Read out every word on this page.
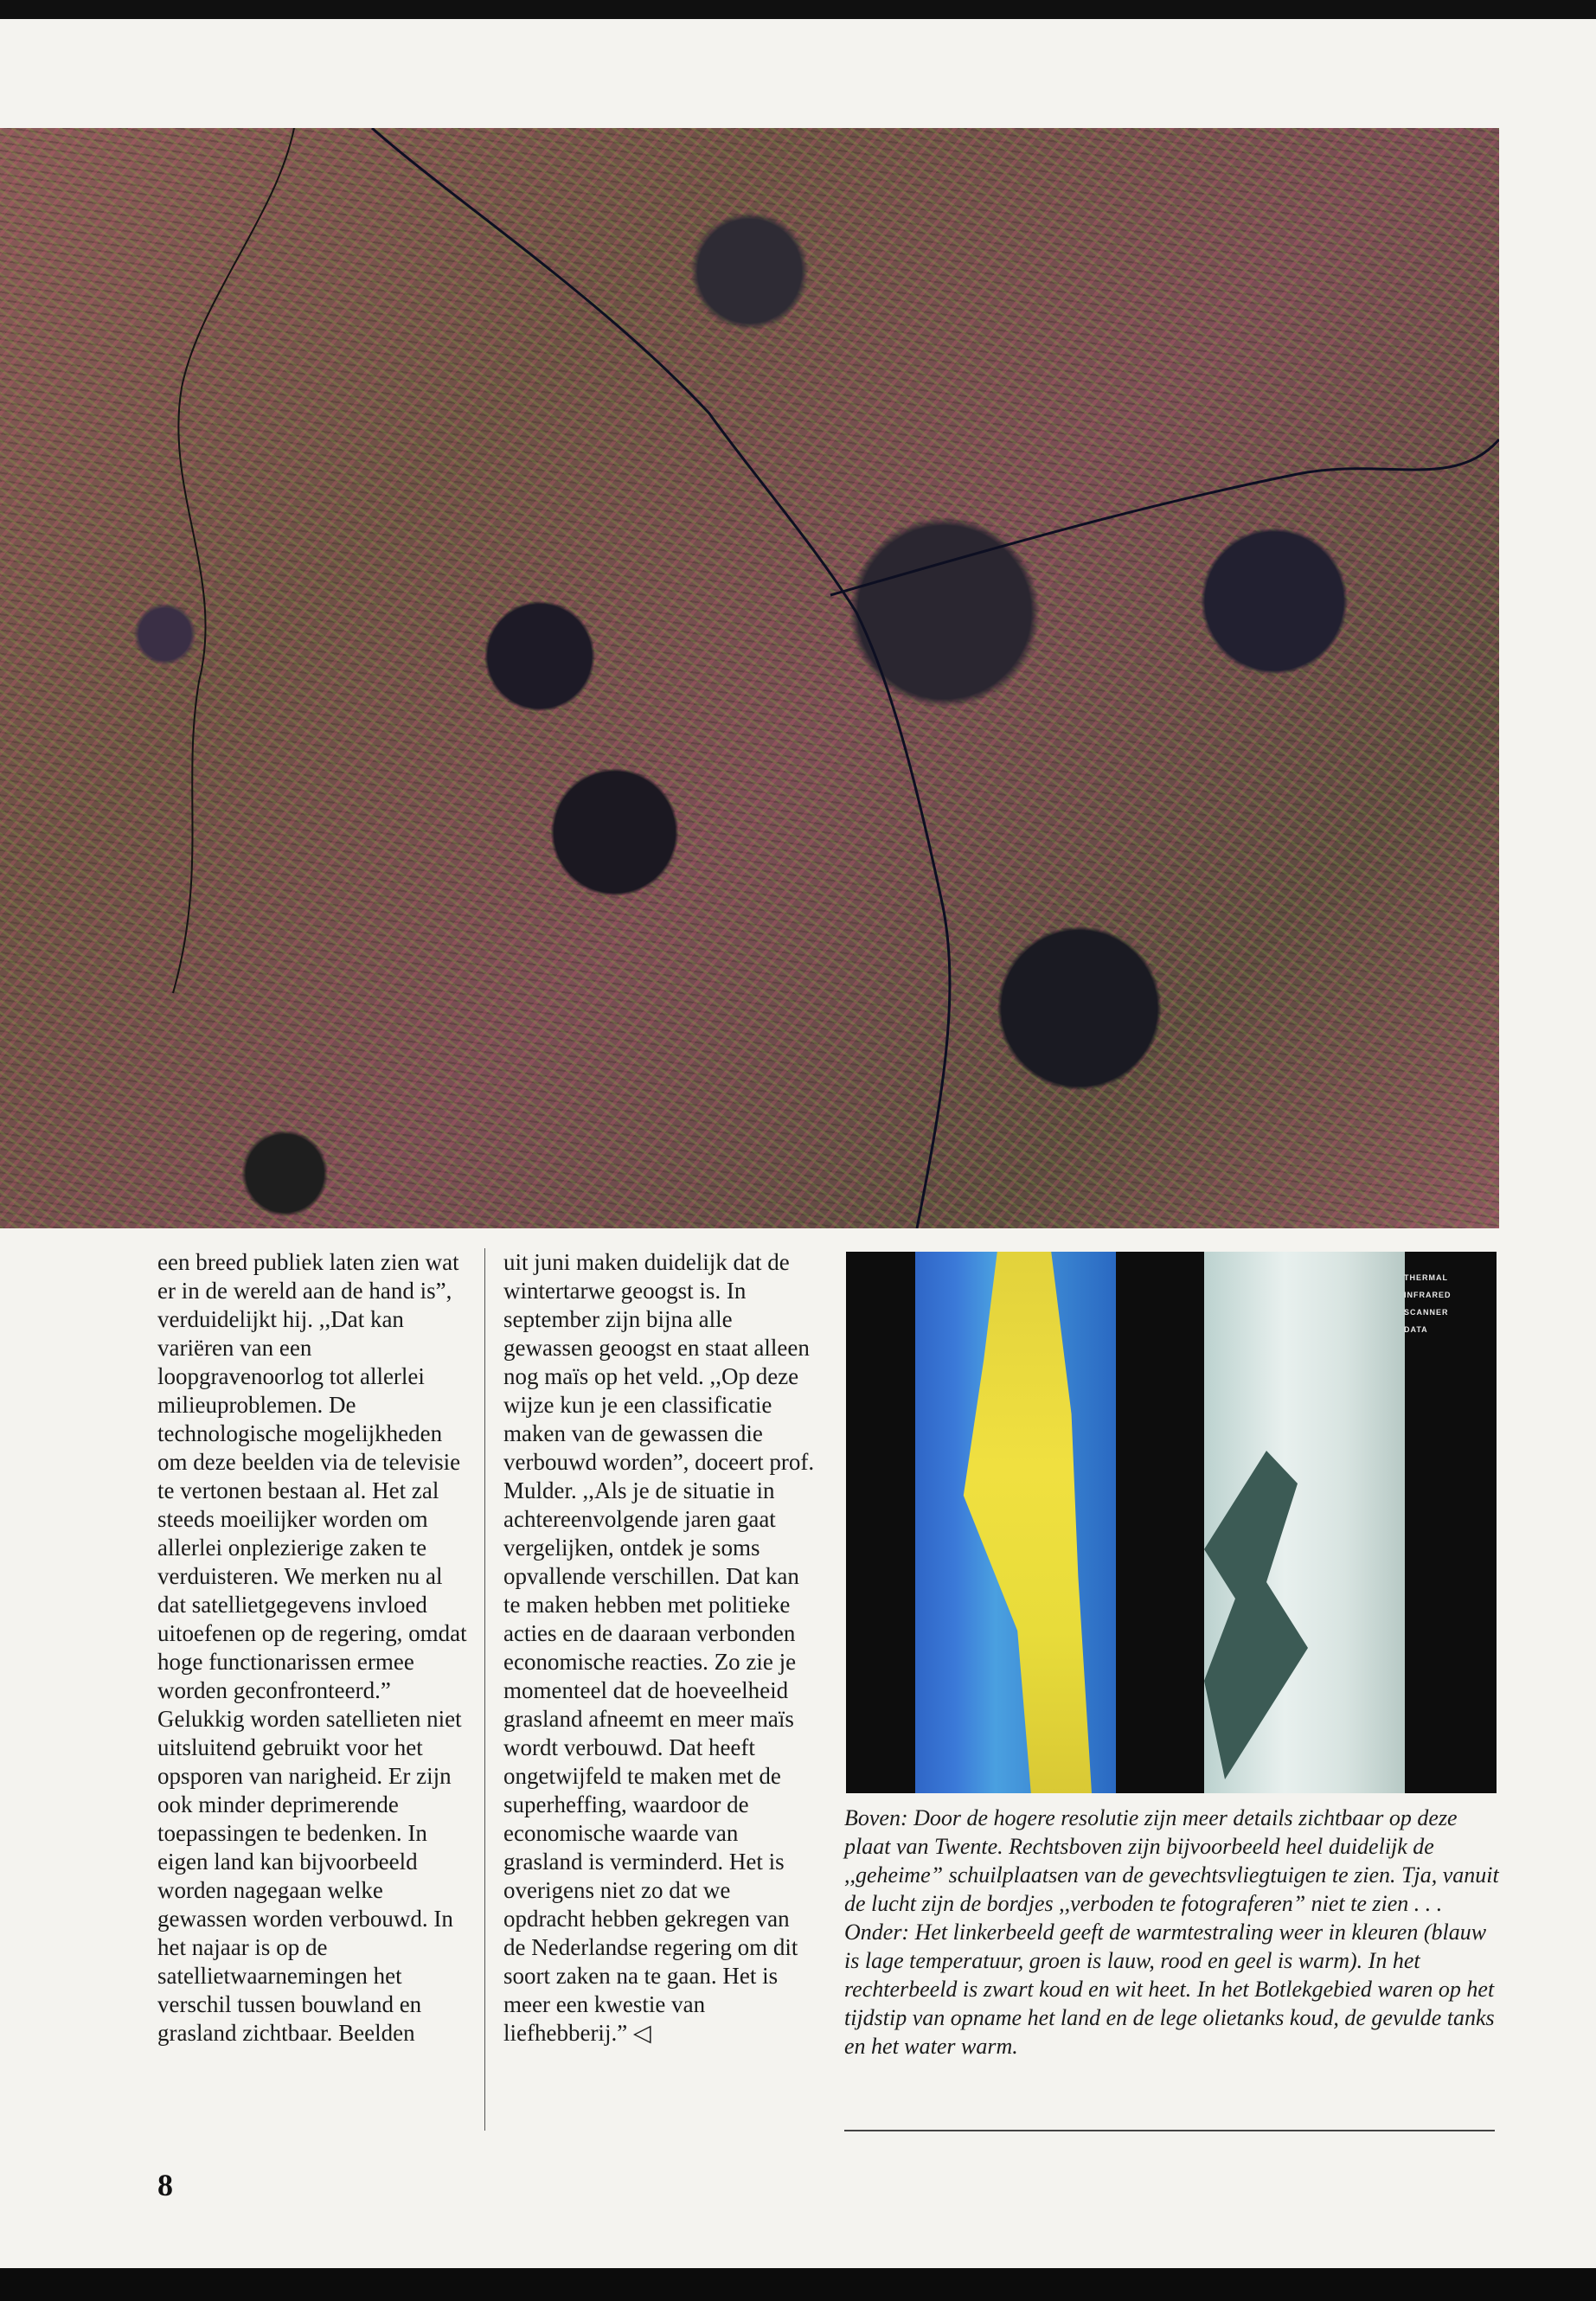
een breed publiek laten zien wat er in de wereld aan de hand is”, verduidelijkt hij. ,,Dat kan variëren van een loopgravenoorlog tot allerlei milieuproblemen. De technologische mogelijkheden om deze beelden via de televisie te vertonen bestaan al. Het zal steeds moeilijker worden om allerlei onplezierige zaken te verduisteren. We merken nu al dat satellietgegevens invloed uitoefenen op de regering, omdat hoge functionarissen ermee worden geconfronteerd.”

Gelukkig worden satellieten niet uitsluitend gebruikt voor het opsporen van narigheid. Er zijn ook minder deprimerende toepassingen te bedenken. In eigen land kan bijvoorbeeld worden nagegaan welke gewassen worden verbouwd. In het najaar is op de satellietwaarnemingen het verschil tussen bouwland en grasland zichtbaar. Beelden

uit juni maken duidelijk dat de wintertarwe geoogst is. In september zijn bijna alle gewassen geoogst en staat alleen nog maïs op het veld. ,,Op deze wijze kun je een classificatie maken van de gewassen die verbouwd worden”, doceert prof. Mulder. ,,Als je de situatie in achtereenvolgende jaren gaat vergelijken, ontdek je soms opvallende verschillen. Dat kan te maken hebben met politieke acties en de daaraan verbonden economische reacties. Zo zie je momenteel dat de hoeveelheid grasland afneemt en meer maïs wordt verbouwd. Dat heeft ongetwijfeld te maken met de superheffing, waardoor de economische waarde van grasland is verminderd. Het is overigens niet zo dat we opdracht hebben gekregen van de Nederlandse regering om dit soort zaken na te gaan. Het is meer een kwestie van liefhebberij.” ◁

THERMAL
INFRARED
SCANNER
DATA

Boven: Door de hogere resolutie zijn meer details zichtbaar op deze plaat van Twente. Rechtsboven zijn bijvoorbeeld heel duidelijk de ,,geheime” schuilplaatsen van de gevechtsvliegtuigen te zien. Tja, vanuit de lucht zijn de bordjes ,,verboden te fotograferen” niet te zien . . .

Onder: Het linkerbeeld geeft de warmtestraling weer in kleuren (blauw is lage temperatuur, groen is lauw, rood en geel is warm). In het rechterbeeld is zwart koud en wit heet. In het Botlekgebied waren op het tijdstip van opname het land en de lege olietanks koud, de gevulde tanks en het water warm.

8
